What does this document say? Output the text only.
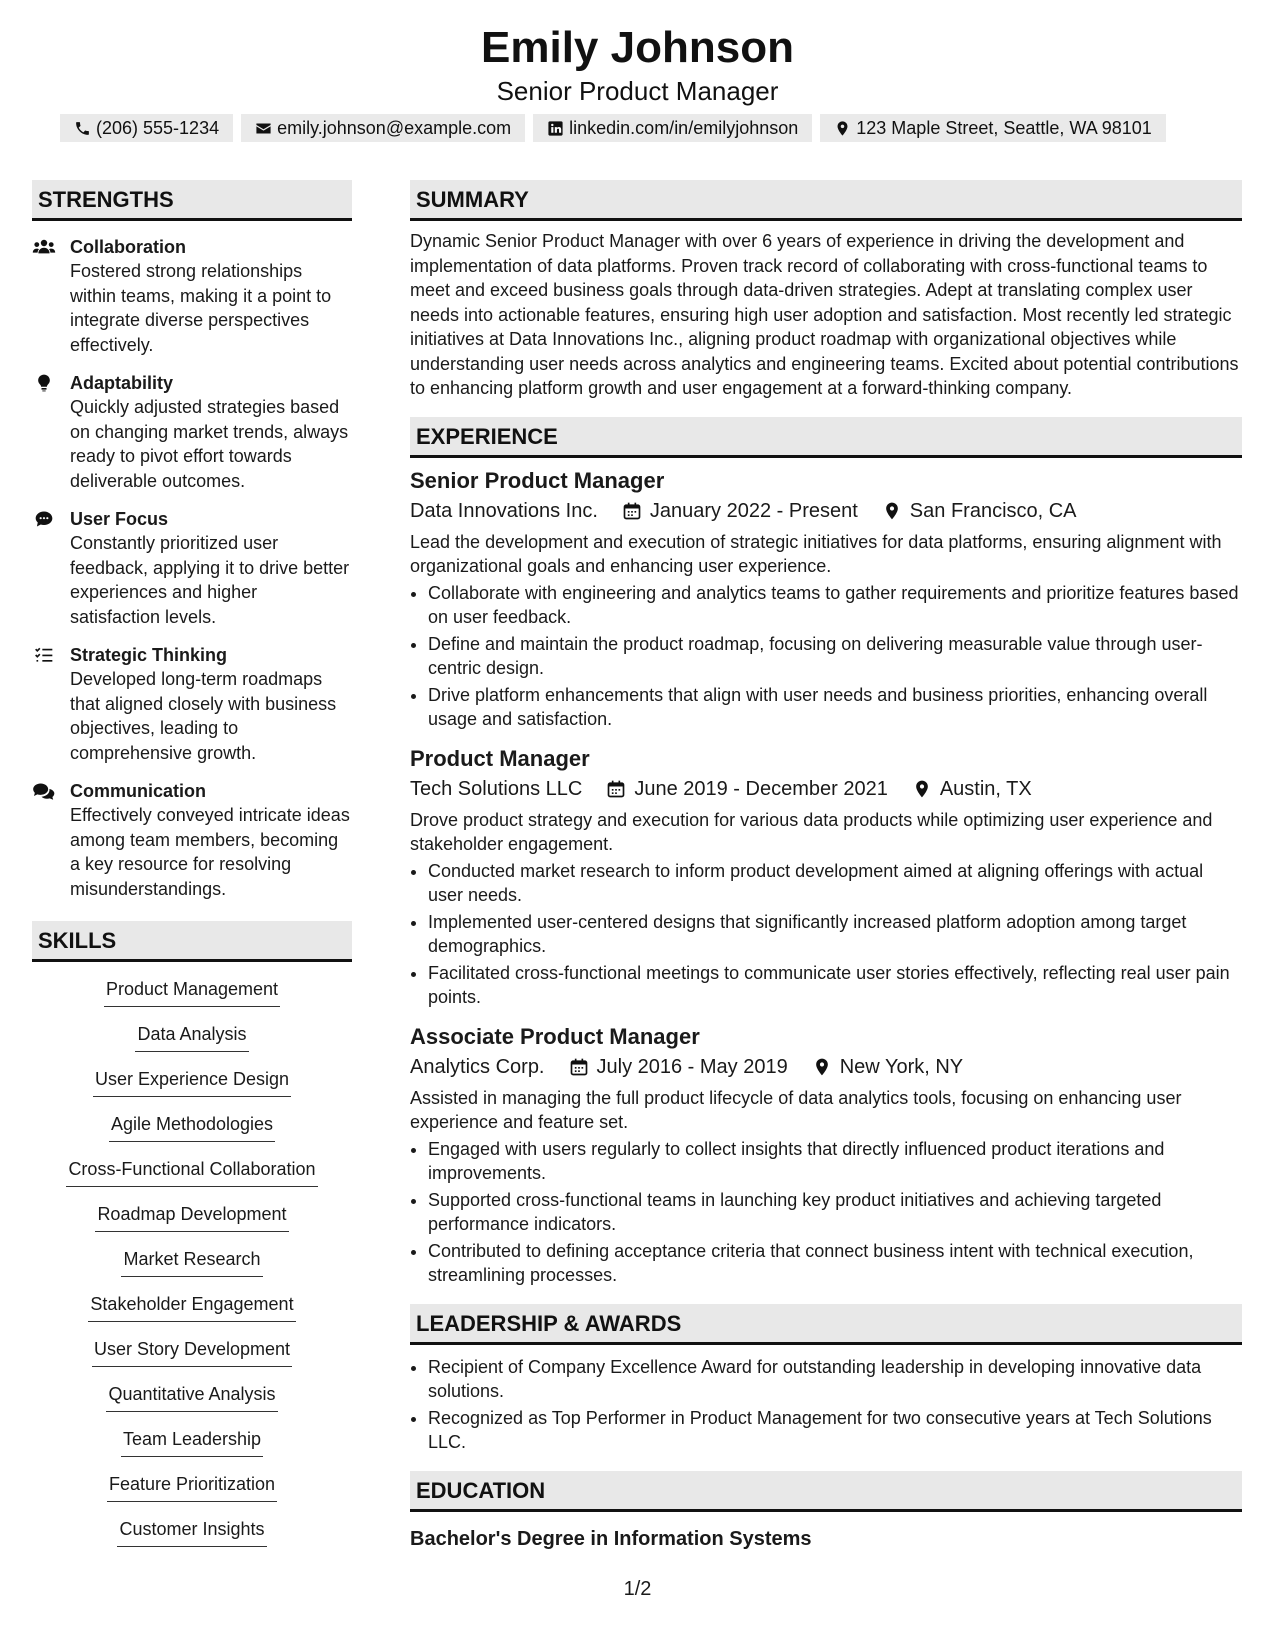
Emily Johnson
Senior Product Manager
(206) 555-1234	emily.johnson@example.com	linkedin.com/in/emilyjohnson	123 Maple Street, Seattle, WA 98101
STRENGTHS
Collaboration
Fostered strong relationships within teams, making it a point to integrate diverse perspectives effectively.
Adaptability
Quickly adjusted strategies based on changing market trends, always ready to pivot effort towards deliverable outcomes.
User Focus
Constantly prioritized user feedback, applying it to drive better experiences and higher satisfaction levels.
Strategic Thinking
Developed long-term roadmaps that aligned closely with business objectives, leading to comprehensive growth.
Communication
Effectively conveyed intricate ideas among team members, becoming a key resource for resolving misunderstandings.
SKILLS
Product Management
Data Analysis
User Experience Design
Agile Methodologies
Cross-Functional Collaboration
Roadmap Development
Market Research
Stakeholder Engagement
User Story Development
Quantitative Analysis
Team Leadership
Feature Prioritization
Customer Insights
SUMMARY
Dynamic Senior Product Manager with over 6 years of experience in driving the development and implementation of data platforms. Proven track record of collaborating with cross-functional teams to meet and exceed business goals through data-driven strategies. Adept at translating complex user needs into actionable features, ensuring high user adoption and satisfaction. Most recently led strategic initiatives at Data Innovations Inc., aligning product roadmap with organizational objectives while understanding user needs across analytics and engineering teams. Excited about potential contributions to enhancing platform growth and user engagement at a forward-thinking company.
EXPERIENCE
Senior Product Manager
Data Innovations Inc.	January 2022 - Present	San Francisco, CA
Lead the development and execution of strategic initiatives for data platforms, ensuring alignment with organizational goals and enhancing user experience.
• Collaborate with engineering and analytics teams to gather requirements and prioritize features based on user feedback.
• Define and maintain the product roadmap, focusing on delivering measurable value through user-centric design.
• Drive platform enhancements that align with user needs and business priorities, enhancing overall usage and satisfaction.
Product Manager
Tech Solutions LLC	June 2019 - December 2021	Austin, TX
Drove product strategy and execution for various data products while optimizing user experience and stakeholder engagement.
• Conducted market research to inform product development aimed at aligning offerings with actual user needs.
• Implemented user-centered designs that significantly increased platform adoption among target demographics.
• Facilitated cross-functional meetings to communicate user stories effectively, reflecting real user pain points.
Associate Product Manager
Analytics Corp.	July 2016 - May 2019	New York, NY
Assisted in managing the full product lifecycle of data analytics tools, focusing on enhancing user experience and feature set.
• Engaged with users regularly to collect insights that directly influenced product iterations and improvements.
• Supported cross-functional teams in launching key product initiatives and achieving targeted performance indicators.
• Contributed to defining acceptance criteria that connect business intent with technical execution, streamlining processes.
LEADERSHIP & AWARDS
• Recipient of Company Excellence Award for outstanding leadership in developing innovative data solutions.
• Recognized as Top Performer in Product Management for two consecutive years at Tech Solutions LLC.
EDUCATION
Bachelor's Degree in Information Systems
1/2
